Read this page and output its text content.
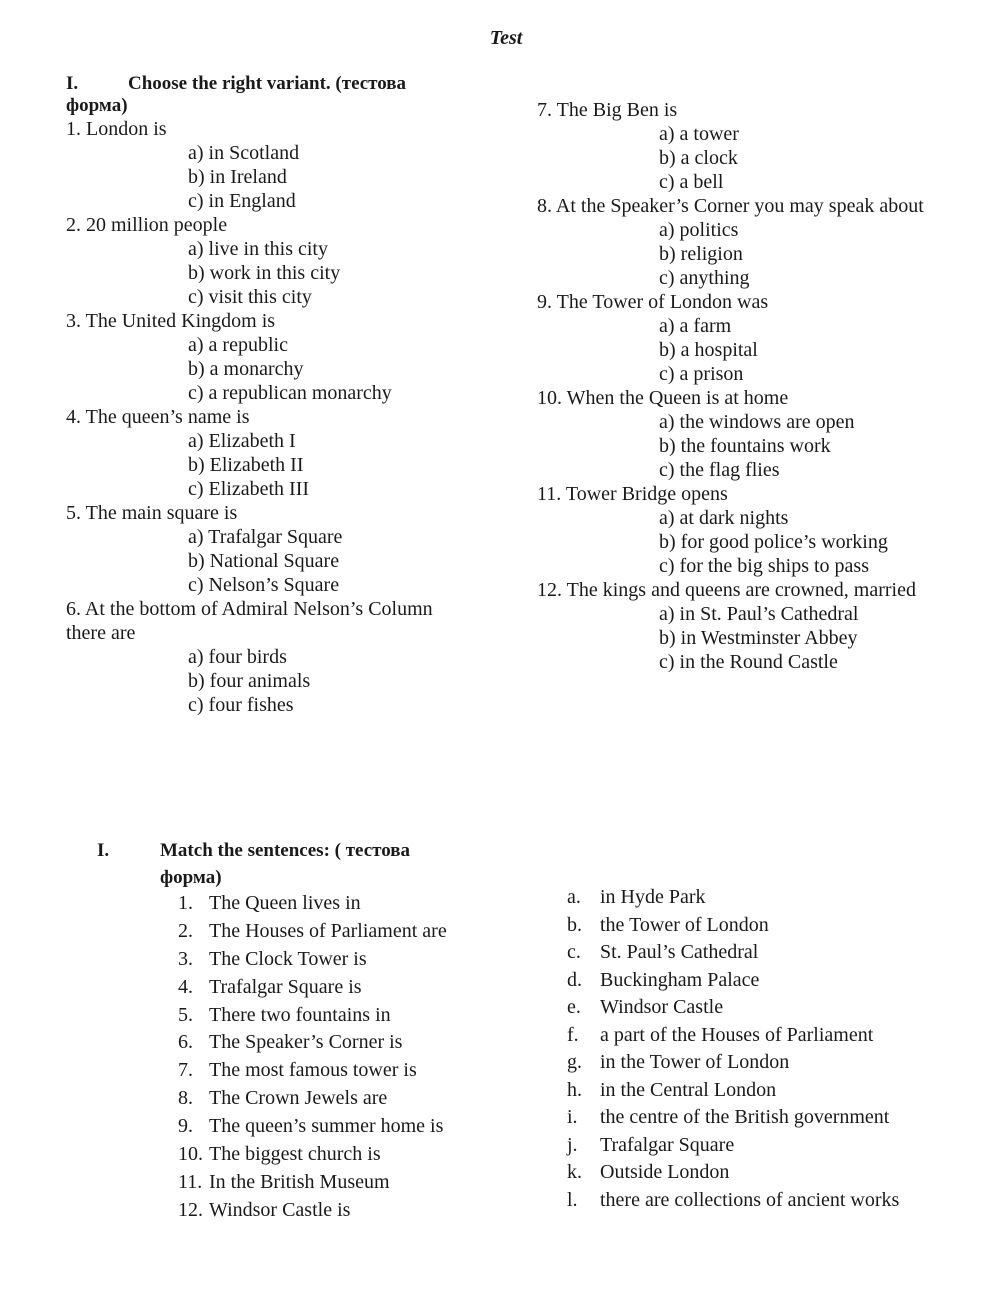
Test
I.	Choose the right variant. (тестова
форма)
1. London is
a) in Scotland
b) in Ireland
c) in England
2. 20 million people
a) live in this city
b) work in this city
c) visit this city
3. The United Kingdom is
a) a republic
b) a monarchy
c) a republican monarchy
4. The queen’s name is
a) Elizabeth I
b) Elizabeth II
c) Elizabeth III
5. The main square is
a) Trafalgar Square
b) National Square
c) Nelson’s Square
6. At the bottom of Admiral Nelson’s Column
there are
a) four birds
b) four animals
c) four fishes
7. The Big Ben is
a) a tower
b) a clock
c) a bell
8. At the Speaker’s Corner you may speak about
a) politics
b) religion
c) anything
9. The Tower of London was
a) a farm
b) a hospital
c) a prison
10. When the Queen is at home
a) the windows are open
b) the fountains work
c) the flag flies
11. Tower Bridge opens
a) at dark nights
b) for good police’s working
c) for the big ships to pass
12. The kings and queens are crowned, married
a) in St. Paul’s Cathedral
b) in Westminster Abbey
c) in the Round Castle
I.	Match the sentences: ( тестова
форма)
1. The Queen lives in
2. The Houses of Parliament are
3. The Clock Tower is
4. Trafalgar Square is
5. There two fountains in
6. The Speaker’s Corner is
7. The most famous tower is
8. The Crown Jewels are
9. The queen’s summer home is
10. The biggest church is
11. In the British Museum
12. Windsor Castle is
a. in Hyde Park
b. the Tower of London
c. St. Paul’s Cathedral
d. Buckingham Palace
e. Windsor Castle
f. a part of the Houses of Parliament
g. in the Tower of London
h. in the Central London
i. the centre of the British government
j. Trafalgar Square
k. Outside London
l. there are collections of ancient works
